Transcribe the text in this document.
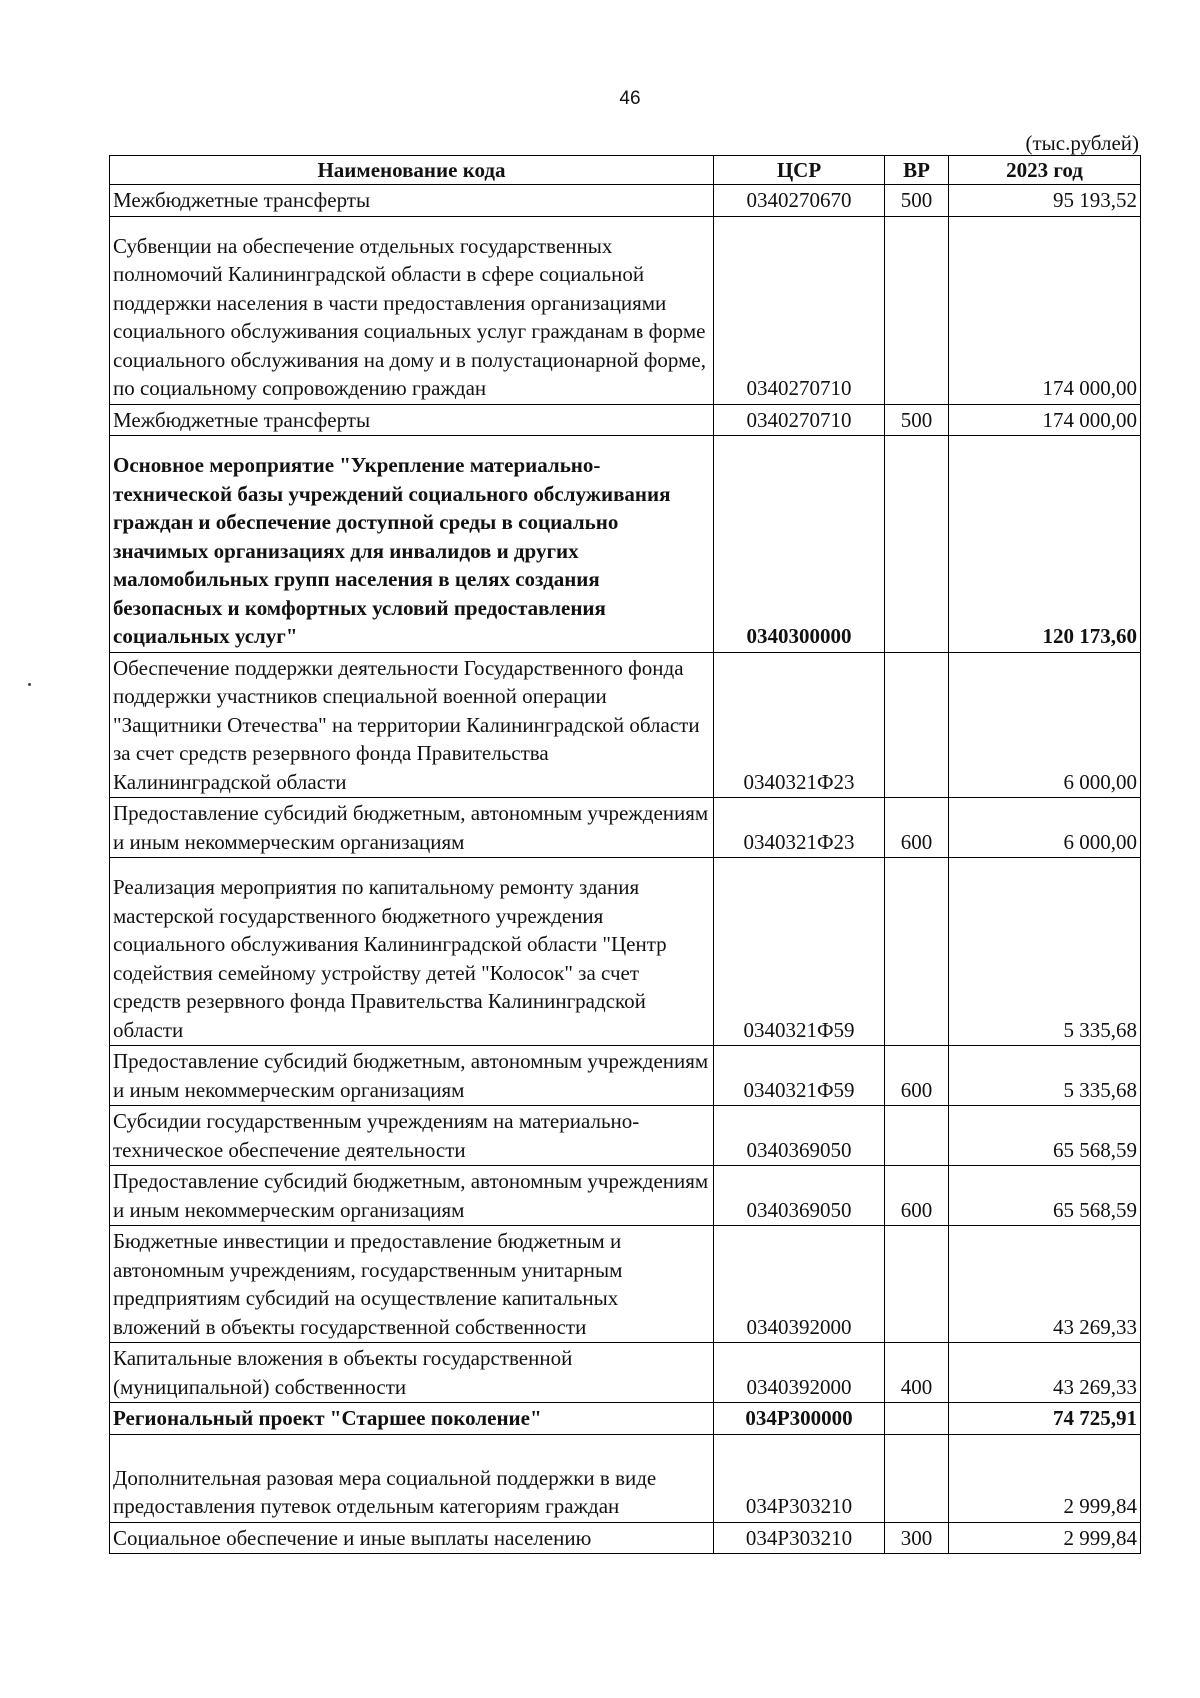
46
(тыс.рублей)
Наименование кода	ЦСР	ВР	2023 год
Межбюджетные трансферты	0340270670	500	95 193,52

Субвенции на обеспечение отдельных государственных полномочий Калининградской области в сфере социальной поддержки населения в части предоставления организациями социального обслуживания социальных услуг гражданам в форме социального обслуживания на дому и в полустационарной форме, по социальному сопровождению граждан	0340270710		174 000,00
Межбюджетные трансферты	0340270710	500	174 000,00

Основное мероприятие "Укрепление материально-технической базы учреждений социального обслуживания граждан и обеспечение доступной среды в социально значимых организациях для инвалидов и других маломобильных групп населения в целях создания безопасных и комфортных условий предоставления социальных услуг"	0340300000		120 173,60
Обеспечение поддержки деятельности Государственного фонда поддержки участников специальной военной операции "Защитники Отечества" на территории Калининградской области за счет средств резервного фонда Правительства Калининградской области	0340321Ф23		6 000,00
Предоставление субсидий бюджетным, автономным учреждениям и иным некоммерческим организациям	0340321Ф23	600	6 000,00

Реализация мероприятия по капитальному ремонту здания мастерской государственного бюджетного учреждения социального обслуживания Калининградской области "Центр содействия семейному устройству детей "Колосок" за счет средств резервного фонда Правительства Калининградской области	0340321Ф59		5 335,68
Предоставление субсидий бюджетным, автономным учреждениям и иным некоммерческим организациям	0340321Ф59	600	5 335,68
Субсидии государственным учреждениям на материально-техническое обеспечение деятельности	0340369050		65 568,59
Предоставление субсидий бюджетным, автономным учреждениям и иным некоммерческим организациям	0340369050	600	65 568,59
Бюджетные инвестиции и предоставление бюджетным и автономным учреждениям, государственным унитарным предприятиям субсидий на осуществление капитальных вложений в объекты государственной собственности	0340392000		43 269,33
Капитальные вложения в объекты государственной (муниципальной) собственности	0340392000	400	43 269,33
Региональный проект "Старшее поколение"	034P300000		74 725,91

Дополнительная разовая мера социальной поддержки в виде предоставления путевок отдельным категориям граждан	034P303210		2 999,84
Социальное обеспечение и иные выплаты населению	034P303210	300	2 999,84
